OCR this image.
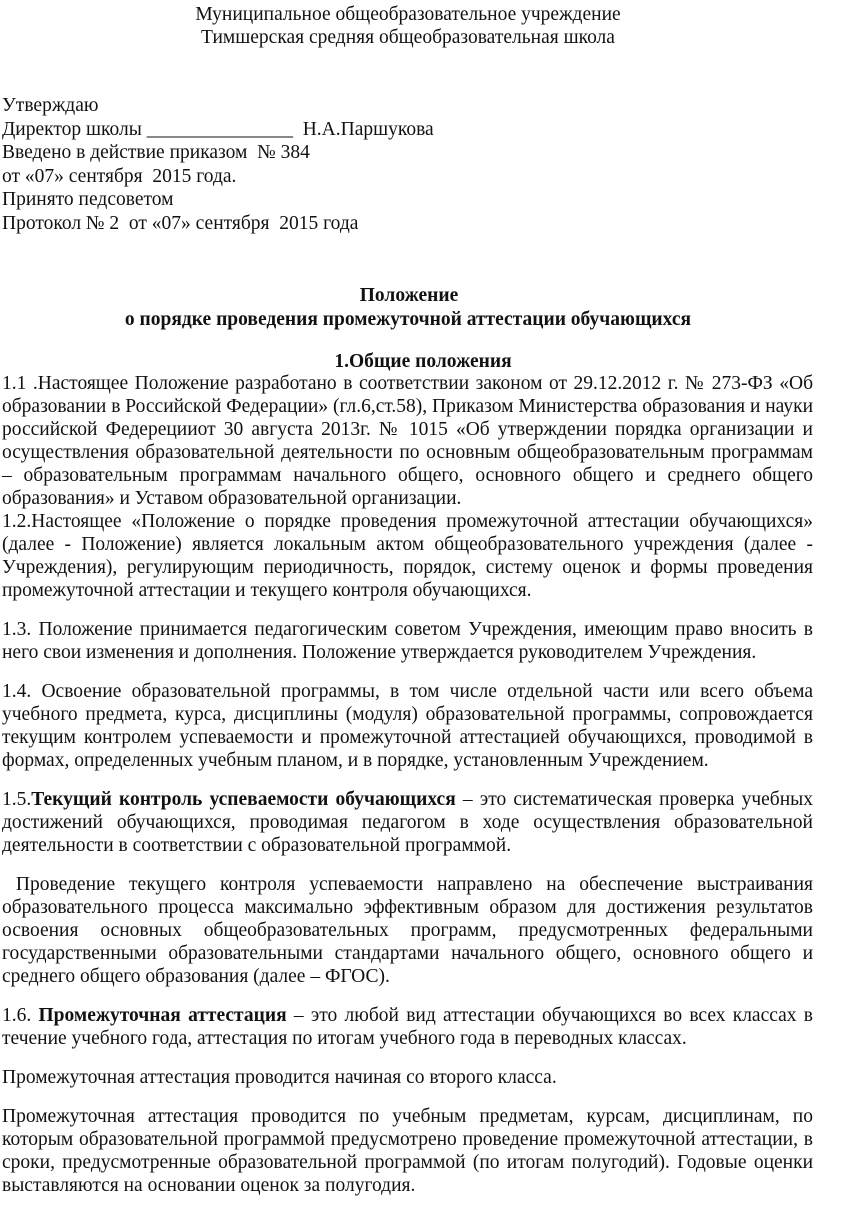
Муниципальное общеобразовательное учреждение
Тимшерская средняя общеобразовательная школа
Утверждаю
Директор школы _______________  Н.А.Паршукова
Введено в действие приказом  № 384
от «07» сентября  2015 года.
Принято педсоветом
Протокол № 2  от «07» сентября  2015 года
Положение
о порядке проведения промежуточной аттестации обучающихся
1.Общие положения

1.1 .Настоящее Положение разработано в соответствии законом от 29.12.2012 г. № 273-ФЗ «Об образовании в Российской Федерации» (гл.6,ст.58), Приказом Министерства образования и науки российской Федерецииот 30 августа 2013г. № 1015 «Об утверждении порядка организации и осуществления образовательной деятельности по основным общеобразовательным программам – образовательным программам начального общего, основного общего и среднего общего образования» и Уставом образовательной организации.

1.2.Настоящее «Положение о порядке проведения промежуточной аттестации обучающихся» (далее - Положение) является локальным актом общеобразовательного учреждения (далее - Учреждения), регулирующим периодичность, порядок, систему оценок и формы проведения промежуточной аттестации и текущего контроля обучающихся.

1.3. Положение принимается педагогическим советом Учреждения, имеющим право вносить в него свои изменения и дополнения. Положение утверждается руководителем Учреждения.

1.4. Освоение образовательной программы, в том числе отдельной части или всего объема учебного предмета, курса, дисциплины (модуля) образовательной программы, сопровождается текущим контролем успеваемости и промежуточной аттестацией обучающихся, проводимой в формах, определенных учебным планом, и в порядке, установленным Учреждением.

1.5.Текущий контроль успеваемости обучающихся – это систематическая проверка учебных достижений обучающихся, проводимая педагогом в ходе осуществления образовательной деятельности в соответствии с образовательной программой.

Проведение текущего контроля успеваемости направлено на обеспечение выстраивания образовательного процесса максимально эффективным образом для достижения результатов освоения основных общеобразовательных программ, предусмотренных федеральными государственными образовательными стандартами начального общего, основного общего и среднего общего образования (далее – ФГОС).

1.6. Промежуточная аттестация – это любой вид аттестации обучающихся во всех классах в течение учебного года, аттестация по итогам учебного года в переводных классах.

Промежуточная аттестация проводится начиная со второго класса.

Промежуточная аттестация проводится по учебным предметам, курсам, дисциплинам, по которым образовательной программой предусмотрено проведение промежуточной аттестации, в сроки, предусмотренные образовательной программой (по итогам полугодий). Годовые оценки выставляются на основании оценок за полугодия.
